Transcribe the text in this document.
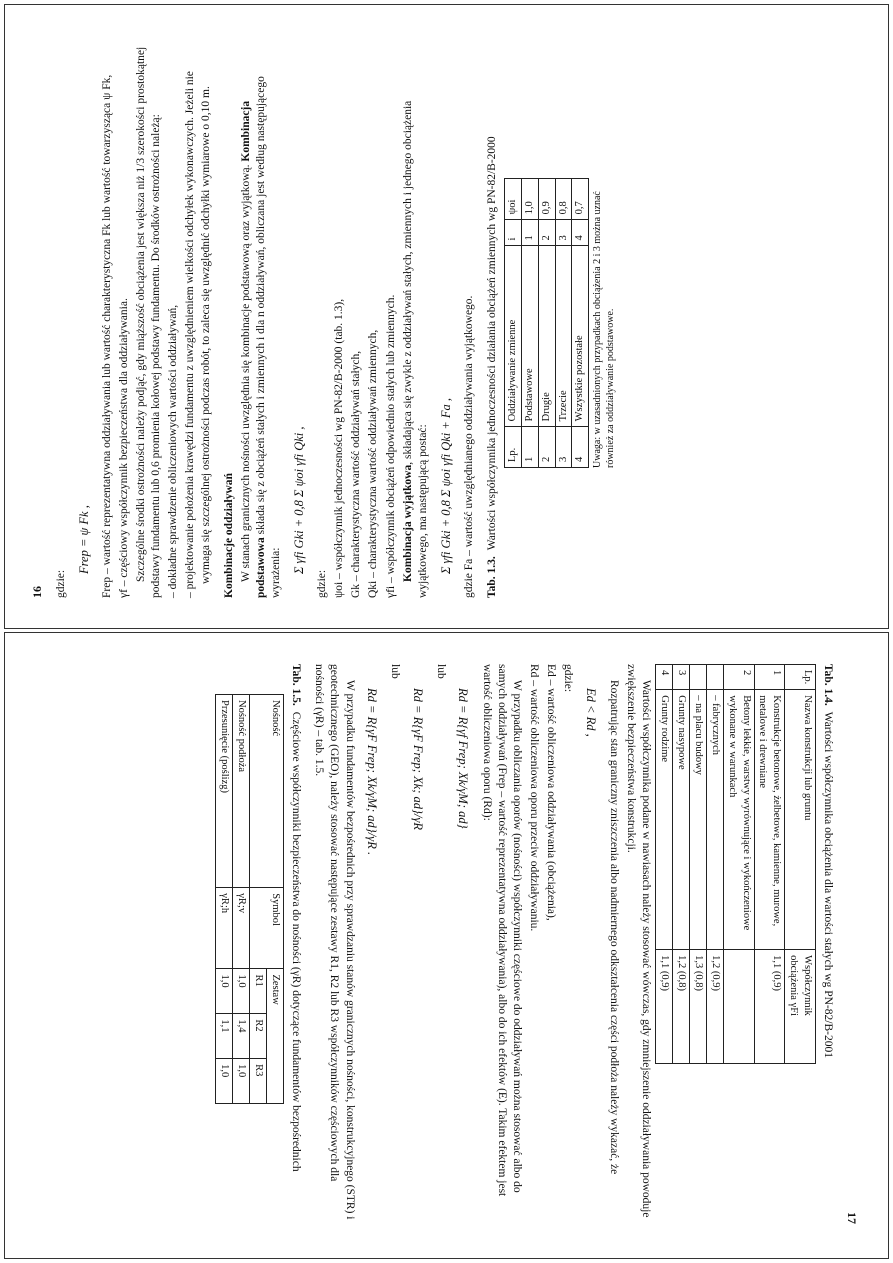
16 gdzie:

Frep = ψ Fk , Frep – wartość reprezentatywna oddziaływania lub wartość charakterystyczna Fk lub wartość towarzysząca ψ Fk, γf – częściowy współczynnik bezpieczeństwa dla oddziaływania. Szczególne środki ostrożności należy podjąć, gdy miąższość obciążenia jest większa niż 1/3 szerokości prostokątnej podstawy fundamentu lub 0,6 promienia kołowej podstawy fundamentu. Do środków ostrożności należą: – dokładne sprawdzenie obliczeniowych wartości oddziaływań, – projektowanie położenia krawędzi fundamentu z uwzględnieniem wielkości odchyłek wykonawczych. Jeżeli nie wymaga się szczególnej ostrożności podczas robót, to zaleca się uwzględnić odchyłki wymiarowe o 0,10 m. Kombinacje oddziaływań W stanach granicznych nośności uwzględnia się kombinacje podstawową oraz wyjątkową. Kombinacja podstawowa składa się z obciążeń stałych i zmiennych i dla n oddziaływań, obliczana jest według następującego wyrażenia: Σ γfi Gki + 0,8 Σ ψoi γfi Qki ,

gdzie: ψoi – współczynnik jednoczesności wg PN-82/B-2000 (tab. 1.3), Gk – charakterystyczna wartość oddziaływań stałych, Qki – charakterystyczna wartość oddziaływań zmiennych, γfi – współczynnik obciążeń odpowiednio stałych lub zmiennych. Kombinacja wyjątkowa, składająca się zwykle z oddziaływań stałych, zmiennych i jednego obciążenia wyjątkowego, ma następującą postać: Σ γfi Gki + 0,8 Σ ψoi γfi Qki + Fa , gdzie Fa – wartość uwzględnianego oddziaływania wyjątkowego. Tab. 1.3.Wartości współczynnika jednoczesności działania obciążeń zmiennych wg PN-82/B-2000 Lp.	Oddziaływanie zmienne	i	ψoi
1	Podstawowe	1	1,0
2	Drugie	2	0,9
3	Trzecie	3	0,8
4	Wszystkie pozostałe	4	0,7 Uwaga: w uzasadnionych przypadkach obciążenia 2 i 3 można uznać również za oddziaływanie podstawowe.

17

Tab. 1.4.Wartości współczynnika obciążenia dla wartości stałych wg PN-82/B-2001

Lp.	Nazwa konstrukcji lub gruntu	Współczynnik obciążenia γFi
1	Konstrukcje betonowe, żelbetowe, kamienne, murowe, metalowe i drewniane	1,1 (0,9)
2	Betony lekkie, warstwy wyrównujące i wykończeniowe wykonane w warunkach	
	– fabrycznych	1,2 (0,9)
	– na placu budowy	1,3 (0,8)
3	Grunty nasypowe	1,2 (0,8)
4	Grunty rodzime	1,1 (0,9)

Wartości współczynnika podane w nawiasach należy stosować wówczas, gdy zmniejszenie oddziaływania powoduje zwiększenie bezpieczeństwa konstrukcji.

Rozpatrując stan graniczny zniszczenia albo nadmiernego odkształcenia części podłoża należy wykazać, że

Ed < Rd ,

gdzie:

Ed – wartość obliczeniowa oddziaływania (obciążenia),

Rd – wartość obliczeniowa oporu przeciw oddziaływaniu.

W przypadku obliczania oporów (nośności) współczynniki częściowe do oddziaływań można stosować albo do samych oddziaływań (Frep – wartość reprezentatywna oddziaływania), albo do ich efektów (E). Takim efektem jest wartość obliczeniowa oporu (Rd):

Rd = R{γf Frep; Xk/γM; ad}

lub

Rd = R{γF Frep; Xk; ad}/γR

lub

Rd = R{γF Frep; Xk/γM; ad}/γR .

W przypadku fundamentów bezpośrednich przy sprawdzaniu stanów granicznych nośności, konstrukcyjnego (STR) i geotechnicznego (GEO), należy stosować następujące zestawy R1, R2 lub R3 współczynników częściowych dla nośności (γR) – tab. 1.5.

Tab. 1.5.Częściowe współczynniki bezpieczeństwa do nośności (γR) dotyczące fundamentów bezpośrednich

Nośność	Symbol	Zestaw		
		R1	R2	R3
Nośność podłoża	γR;v	1,0	1,4	1,0
Przesunięcie (poślizg)	γR;h	1,0	1,1	1,0
